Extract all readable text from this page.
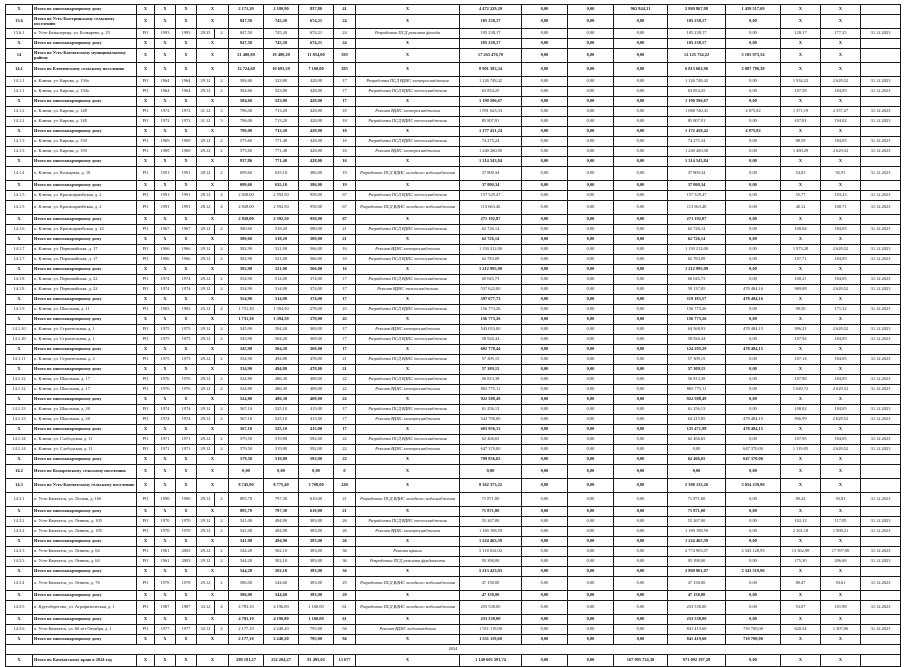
X	Итого по многоквартирному дому	X	X	X	X		2 171,20	2 180,90	837,80	41	X	4 472 229,20	0,00	0,00	962 844,31	2 869 867,08	1 459 517,69	X	X	
13.6	Итого по Усть-Быстринскому сельскому поселению	X	X	X	X		847,50	745,20	674,21	24	X	105 238,17	0,00	0,00	0,00	105 238,17	0,00	X	X	
13.6.1	п. Усть-Большерецк, ул. Бочкарева, д. 25	РО	1993	1993	29.35	2	847,50	745,20	674,21	24	Разработка ПСД ремонта фасада	105 238,17	0,00	0,00	0,00	105 238,17	0,00	128,17	177,25	31.12.2023
X	Итого по многоквартирному дому	X	X	X	X		847,50	745,20	674,21	24	X	105 238,17	0,00	0,00	0,00	105 238,17	0,00	X	X	
14	Итого по Усть-Камчатскому муниципальному району	X	X	X	X		21 408,80	19 400,20	11 854,00	595	X	17 263 476,70	0,00	0,00	0,00	12 125 734,22	5 105 975,54	X	X	
14.1	Итого по Ключевскому сельскому поселению	X	X	X	X		12 724,60	10 693,50	7 160,00	385	X	8 901 383,34	0,00	0,00	0,00	6 813 602,96	2 087 780,38	X	X	
14.1.1	п. Ключи, ул. Кирова, д. 150а	РО	1964	1964	29.12	2	584,60	523,80	428,00	17	Разработка ПСД ВДИС электроснабжения	1 126 748,42	0,00	0,00	0,00	1 126 748,42	0,00	1 934,22	2 629,52	31.12.2023
14.1.1	п. Ключи, ул. Кирова, д. 150а	РО	1964	1964	29.12	2	584,60	523,80	428,00	17	Разработка ПСД ВДИС теплоснабжения	63 854,25	0,00	0,00	0,00	63 854,25	0,00	107,58	184,05	31.12.2023
X	Итого по многоквартирному дому	X	X	X	X		584,60	523,80	428,00	17	X	1 190 596,67	0,00	0,00	0,00	1 190 596,67	0,00	X	X	
14.1.2	п. Ключи, ул. Кирова, д. 148	РО	1972	1972	31.12	3	796,00	713,20	428,00	18	Ремонт ВДИС электроснабжения	1 091 623,33	0,00	0,00	0,00	1 068 740,41	4 875,82	1 371,19	2 557,27	31.12.2023
14.1.2	п. Ключи, ул. Кирова, д. 148	РО	1972	1972	31.12	3	796,00	713,20	428,00	18	Разработка ПСД ВДИС теплоснабжения	85 807,91	0,00	0,00	0,00	85 807,91	0,00	107,81	194,02	31.12.2023
X	Итого по многоквартирному дому	X	X	X	X		796,00	713,20	428,00	18	X	1 177 431,24	0,00	0,00	0,00	1 172 458,42	4 875,82	X	X	
14.1.3	п. Ключи, ул. Кирова, д. 150	РО	1969	1969	29.12	2	575,60	771,40	428,00	16	Разработка ПСД ВДИС теплоснабжения	74 275,24	0,00	0,00	0,00	74 275,24	0,00	88,59	184,05	31.12.2023
14.1.3	п. Ключи, ул. Кирова, д. 150	РО	1969	1969	29.12	2	575,60	771,40	428,00	16	Ремонт ВДИС электроснабжения	1 240 260,00	0,00	0,00	0,00	1 240 260,00	0,00	1 480,29	2 629,52	31.12.2023
X	Итого по многоквартирному дому	X	X	X	X		837,86	771,40	428,00	16	X	1 314 543,84	0,00	0,00	0,00	1 314 543,84	0,00	X	X	
14.1.4	п. Ключи, ул. Кольцевая, д. 10	РО	1991	1991	28.12	2	699,60	635,10	386,00	19	Разработка ПСД ВДИС холодного водоснабжения	37 800,34	0,00	0,00	0,00	37 800,34	0,00	54,03	92,91	31.12.2023
X	Итого по многоквартирному дому	X	X	X	X		699,60	635,10	386,00	19	X	37 800,34	0,00	0,00	0,00	37 800,34	0,00	X	X	
14.1.5	п. Ключи, ул. Красноармейская, д. 2	РО	1991	1991	28.12	4	2 828,00	2 592,50	958,00	67	Разработка ПСД ВДИС теплоснабжения	157 529,47	0,00	0,00	0,00	157 529,47	0,00	55,77	103,23	31.12.2023
14.1.5	п. Ключи, ул. Красноармейская, д. 2	РО	1991	1991	28.12	4	2 828,00	2 592,50	958,00	67	Разработка ПСД ВДИС холодного водоснабжения	113 663,40	0,00	0,00	0,00	113 663,40	0,00	40,12	108,71	31.12.2023
X	Итого по многоквартирному дому	X	X	X	X		2 828,00	2 592,50	958,00	67	X	271 192,87	0,00	0,00	0,00	271 192,87	0,00	X	X	
14.1.6	п. Ключи, ул. Красноармейская, д. 22	РО	1967	1967	29.12	2	580,60	518,20	580,00	21	Разработка ПСД ВДИС теплоснабжения	62 726,14	0,00	0,00	0,00	62 726,14	0,00	108,04	184,05	31.12.2023
X	Итого по многоквартирному дому	X	X	X	X		580,60	518,20	580,00	21	X	62 726,14	0,00	0,00	0,00	62 726,14	0,00	X	X	
14.1.7	п. Ключи, ул. Первомайская, д. 17	РО	1966	1966	29.12	2	582,90	521,00	566,00	16	Ремонт ВДИС электроснабжения	1 150 212,00	0,00	0,00	0,00	1 150 212,00	0,00	1 973,28	2 629,52	31.12.2023
14.1.7	п. Ключи, ул. Первомайская, д. 17	РО	1966	1966	29.12	2	582,90	521,00	566,00	16	Разработка ПСД ВДИС теплоснабжения	62 783,09	0,00	0,00	0,00	62 783,09	0,00	107,71	184,05	31.12.2023
X	Итого по многоквартирному дому	X	X	X	X		582,90	521,00	566,00	16	X	1 212 995,09	0,00	0,00	0,00	1 212 995,09	0,00	X	X	
14.1.8	п. Ключи, ул. Первомайская, д. 22	РО	1974	1974	29.12	2	554,90	514,00	374,00	17	Разработка ПСД ВДИС теплоснабжения	60 045,73	0,00	0,00	0,00	60 045,73	0,00	108,21	184,05	31.12.2023
14.1.8	п. Ключи, ул. Первомайская, д. 22	РО	1974	1974	29.12	2	554,90	514,00	374,00	17	Ремонт ВДИС теплоснабжения	537 622,00	0,00	0,00	0,00	59 137,85	478 484,16	969,08	2 629,52	31.12.2023
X	Итого по многоквартирному дому	X	X	X	X		554,90	514,00	374,00	17	X	597 677,73	0,00	0,00	0,00	119 183,57	478 484,16	X	X	
14.1.9	п. Ключи, ул. Школьная, д. 11	РО	1983	1983	25.12	4	1 731,30	1 394,50	278,00	43	Разработка ПСД ВДИС теплоснабжения	156 773,26	0,00	0,00	0,00	156 773,26	0,00	90,50	171,32	31.12.2023
X	Итого по многоквартирному дому	X	X	X	X		1 731,30	1 394,50	278,00	43	X	156 773,26	0,00	0,00	0,00	156 773,26	0,00	X	X	
14.1.10	п. Ключи, ул. Строительная, д. 1	РО	1975	1975	29.12	2	545,90	504,20	369,00	17	Ремонт ВДИС электроснабжения	543 053,00	0,00	0,00	0,00	64 568,93	478 484,15	996,21	2 629,52	31.12.2023
14.1.10	п. Ключи, ул. Строительная, д. 1	РО	1975	1975	29.12	2	545,90	504,20	369,00	17	Разработка ПСД ВДИС теплоснабжения	58 926,44	0,00	0,00	0,00	58 926,44	0,00	107,94	184,05	31.12.2023
X	Итого по многоквартирному дому	X	X	X	X		545,90	504,20	369,00	17	X	602 778,44	0,00	0,00	0,00	124 295,29	478 484,15	X	X	
14.1.11	п. Ключи, ул. Строительная, д. 2	РО	1975	1975	29.12	2	534,90	494,80	478,00	21	Разработка ПСД ВДИС теплоснабжения	57 309,15	0,00	0,00	0,00	57 309,15	0,00	107,14	184,05	31.12.2023
X	Итого по многоквартирному дому	X	X	X	X		534,90	494,80	478,00	21	X	57 309,15	0,00	0,00	0,00	57 309,15	0,00	X	X	
14.1.12	п. Ключи, ул. Школьная, д. 17	РО	1976	1976	29.12	2	524,80	486,30	408,00	22	Разработка ПСД ВДИС теплоснабжения	56 813,38	0,00	0,00	0,00	56 813,38	0,00	107,88	184,05	31.12.2023
14.1.12	п. Ключи, ул. Школьная, д. 17	РО	1976	1976	29.12	2	524,80	486,30	408,00	22	Ремонт ВДИС электроснабжения	865 775,11	0,00	0,00	0,00	865 775,11	0,00	1 649,72	2 629,52	31.12.2023
X	Итого по многоквартирному дому	X	X	X	X		524,80	486,30	408,00	22	X	922 588,49	0,00	0,00	0,00	922 588,49	0,00	X	X	
14.1.13	п. Ключи, ул. Школьная, д. 20	РО	1974	1974	29.12	2	567,10	525,10	415,00	17	Разработка ПСД ВДИС теплоснабжения	61 256,13	0,00	0,00	0,00	61 256,13	0,00	108,02	184,05	31.12.2023
14.1.13	п. Ключи, ул. Школьная, д. 20	РО	1974	1974	29.12	2	567,10	525,10	415,00	17	Ремонт ВДИС электроснабжения	542 700,00	0,00	0,00	0,00	64 215,85	478 484,15	956,99	2 629,52	31.12.2023
X	Итого по многоквартирному дому	X	X	X	X		567,10	525,10	415,00	17	X	603 956,13	0,00	0,00	0,00	125 471,98	478 484,15	X	X	
14.1.14	п. Ключи, ул. Слободская, д. 11	РО	1971	1971	29.12	2	579,50	519,80	592,00	22	Разработка ПСД ВДИС теплоснабжения	62 466,65	0,00	0,00	0,00	62 466,65	0,00	107,95	184,05	31.12.2023
14.1.14	п. Ключи, ул. Слободская, д. 11	РО	1971	1971	29.12	2	579,50	519,80	592,00	22	Ремонт ВДИС электроснабжения	647 370,00	0,00	0,00	0,00	0,00	647 370,00	1 119,05	2 629,52	31.12.2023
X	Итого по многоквартирному дому	X	X	X	X		579,50	519,80	592,00	22	X	709 836,65	0,00	0,00	0,00	62 466,65	647 370,00	X	X	
14.2	Итого по Козыревскому сельскому поселению	X	X	X	X		0,00	0,00	0,00	0	X	0,00	0,00	0,00	0,00	0,00	0,00	X	X	
14.3	Итого по Усть-Камчатскому сельскому поселению	X	X	X	X		8 745,90	8 775,40	3 708,00	240	X	8 362 373,22	0,00	0,00	0,00	5 308 133,26	3 054 239,96	X	X	
14.3.1	п. Усть-Камчатск, ул. Лесная, д. 16б	РО	1990	1990	29.12	2	895,70	797,30	610,00	21	Разработка ПСД ВДИС холодного водоснабжения	71 871,00	0,00	0,00	0,00	71 871,00	0,00	80,42	93,81	31.12.2023
X	Итого по многоквартирному дому	X	X	X	X		895,70	797,30	610,00	21	X	71 871,00	0,00	0,00	0,00	71 871,00	0,00	X	X	
14.3.2	п. Усть-Камчатск, ул. Ленина, д. 105	РО	1970	1970	29.12	2	541,00	494,90	383,00	26	Разработка ПСД ВДИС теплоснабжения	55 267,00	0,00	0,00	0,00	55 267,00	0,00	102,12	117,85	31.12.2023
14.3.2	п. Усть-Камчатск, ул. Ленина, д. 105	РО	1970	1970	29.12	2	541,00	494,90	383,00	26	Ремонт ВДИС электроснабжения	1 169 198,59	0,00	0,00	0,00	1 169 198,59	0,00	2 161,18	1 998,21	31.12.2023
X	Итого по многоквартирному дому	X	X	X	X		541,00	494,90	383,00	26	X	1 224 465,59	0,00	0,00	0,00	1 224 465,59	0,00	X	X	
14.3.3	п. Усть-Камчатск, ул. Ленина, д. 64	РО	1961	2003	29.12	2	544,20	502,10	383,00	36	Ремонт крыши	5 118 032,02	0,00	0,00	0,00	2 774 903,07	2 343 128,95	13 362,98	17 597,00	31.12.2023
14.3.3	п. Усть-Камчатск, ул. Ленина, д. 64	РО	1961	2003	29.12	2	544,20	502,10	383,00	36	Разработка ПСД ремонта фундамента	95 398,00	0,00	0,00	0,00	95 398,00	0,00	175,30	206,68	31.12.2023
X	Итого по многоквартирному дому	X	X	X	X		544,20	502,10	383,00	36	X	5 213 423,03	0,00	0,00	0,00	2 869 961,07	2 343 510,96	X	X	
14.3.4	п. Усть-Камчатск, ул. Ленина, д. 76	РО	1978	1978	29.12	2	586,00	544,60	383,00	29	Разработка ПСД ВДИС холодного водоснабжения	47 158,00	0,00	0,00	0,00	47 158,00	0,00	80,47	93,61	31.12.2023
X	Итого по многоквартирному дому	X	X	X	X		586,00	544,60	383,00	29	X	47 158,00	0,00	0,00	0,00	47 158,00	0,00	X	X	
14.3.5	п. Крутоберегово, ул. Агрофизическая, д. 1	РО	1987	1987	33.12	4	4 783,10	4 196,80	1 160,00	61	Разработка ПСД ВДИС холодного водоснабжения	253 538,00	0,00	0,00	0,00	253 538,00	0,00	53,07	101,98	31.12.2023
X	Итого по многоквартирному дому	X	X	X	X		4 783,10	4 196,80	1 160,00	61	X	253 538,00	0,00	0,00	0,00	253 538,00	0,00	X	X	
14.3.6	п. Усть-Камчатск, ул. 60 лет Октября, д. 1	РО	1977	1977	33.12	3	2 177,10	2 240,20	795,00	94	Ремонт ВДИС водоотведения	1 551 119,00	0,00	0,00	0,00	841 419,60	710 700,00	620,34	1 307,06	31.12.2023
X	Итого по многоквартирному дому	X	X	X	X		2 177,10	2 240,20	795,00	94	X	1 551 119,60	0,00	0,00	0,00	841 419,60	710 700,00	X	X	
2024																				
X	Итого по Камчатскому краю в 2024 год	X	X	X	X		288 181,27	252 204,27	81 495,02	13 677	X	1 149 603 391,74	0,00	0,00	167 905 754,38	971 092 197,28	0,00	X	X	
